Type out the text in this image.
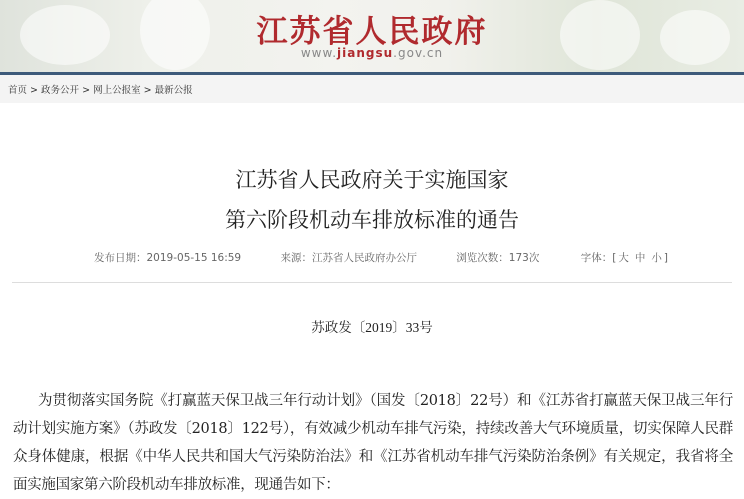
江苏省人民政府
www.jiangsu.gov.cn
首页 > 政务公开 > 网上公报室 > 最新公报
江苏省人民政府关于实施国家
第六阶段机动车排放标准的通告
发布日期：2019-05-15 16:59	来源：江苏省人民政府办公厅	浏览次数：173次	字体：[ 大 中 小 ]
苏政发〔2019〕33号
为贯彻落实国务院《打赢蓝天保卫战三年行动计划》（国发〔2018〕22号）和《江苏省打赢蓝天保卫战三年行动计划实施方案》（苏政发〔2018〕122号），有效减少机动车排气污染，持续改善大气环境质量，切实保障人民群众身体健康，根据《中华人民共和国大气污染防治法》和《江苏省机动车排气污染防治条例》有关规定，我省将全面实施国家第六阶段机动车排放标准，现通告如下：
